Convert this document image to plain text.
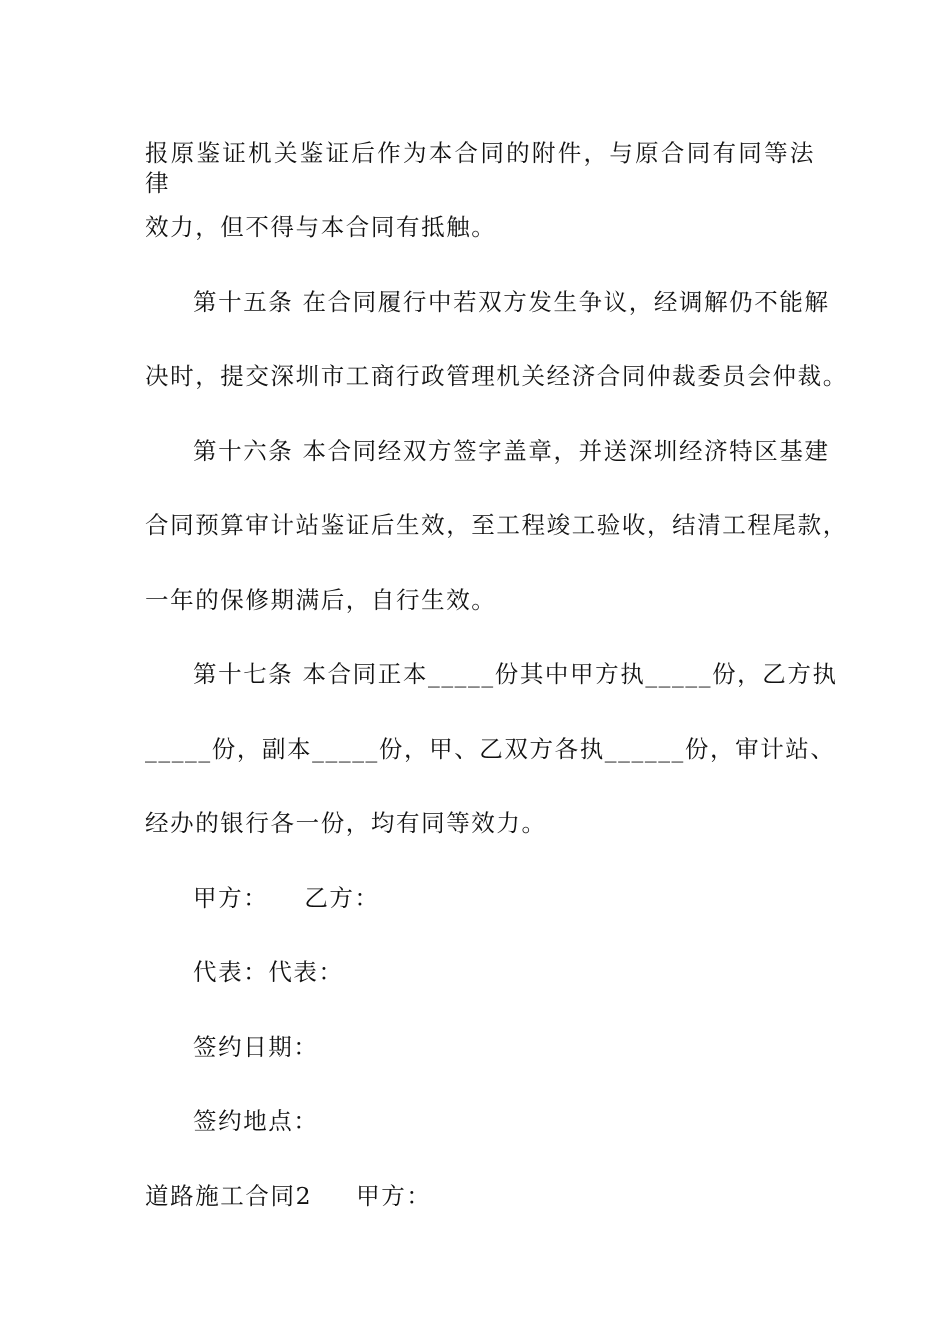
报原鉴证机关鉴证后作为本合同的附件，与原合同有同等法律
效力，但不得与本合同有抵触。
第十五条 在合同履行中若双方发生争议，经调解仍不能解
决时，提交深圳市工商行政管理机关经济合同仲裁委员会仲裁。
第十六条 本合同经双方签字盖章，并送深圳经济特区基建
合同预算审计站鉴证后生效，至工程竣工验收，结清工程尾款，
一年的保修期满后，自行生效。
第十七条 本合同正本_____份其中甲方执_____份，乙方执
_____份，副本_____份，甲、乙双方各执______份，审计站、
经办的银行各一份，均有同等效力。
甲方： 乙方：
代表：代表：
签约日期：
签约地点：
道路施工合同2 甲方：
